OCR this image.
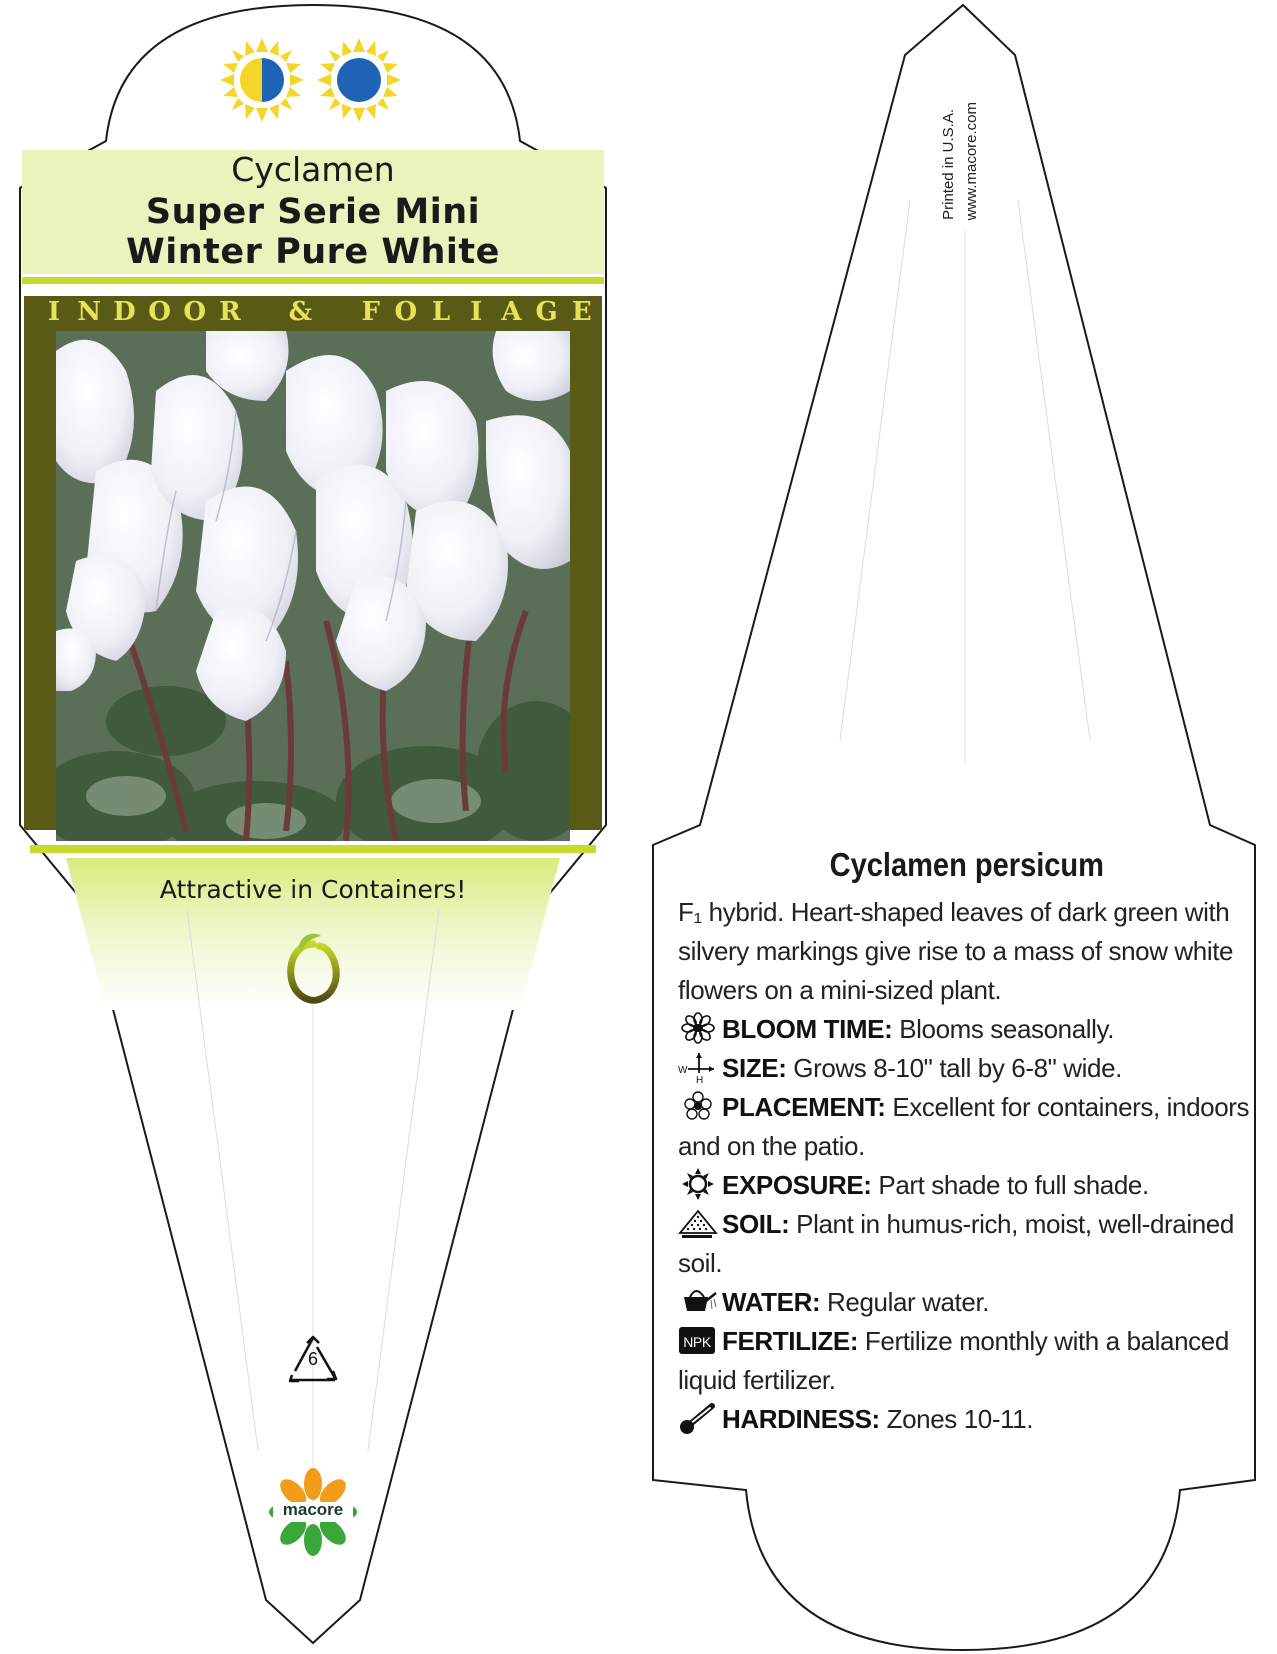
Cyclamen
Super Serie Mini
Winter Pure White
I N D O O R & F O L I A G E
Attractive in Containers!
6
macore
Printed in U.S.A. www.macore.com
Cyclamen persicum

F₁ hybrid. Heart-shaped leaves of dark green with silvery markings give rise to a mass of snow white flowers on a mini-sized plant.

BLOOM TIME: Blooms seasonally.

W
H SIZE: Grows 8-10" tall by 6-8" wide.

PLACEMENT: Excellent for containers, indoors and on the patio.

EXPOSURE: Part shade to full shade.

SOIL: Plant in humus-rich, moist, well-drained soil.

WATER: Regular water.

NPK FERTILIZE: Fertilize monthly with a balanced liquid fertilizer.

HARDINESS: Zones 10-11.
